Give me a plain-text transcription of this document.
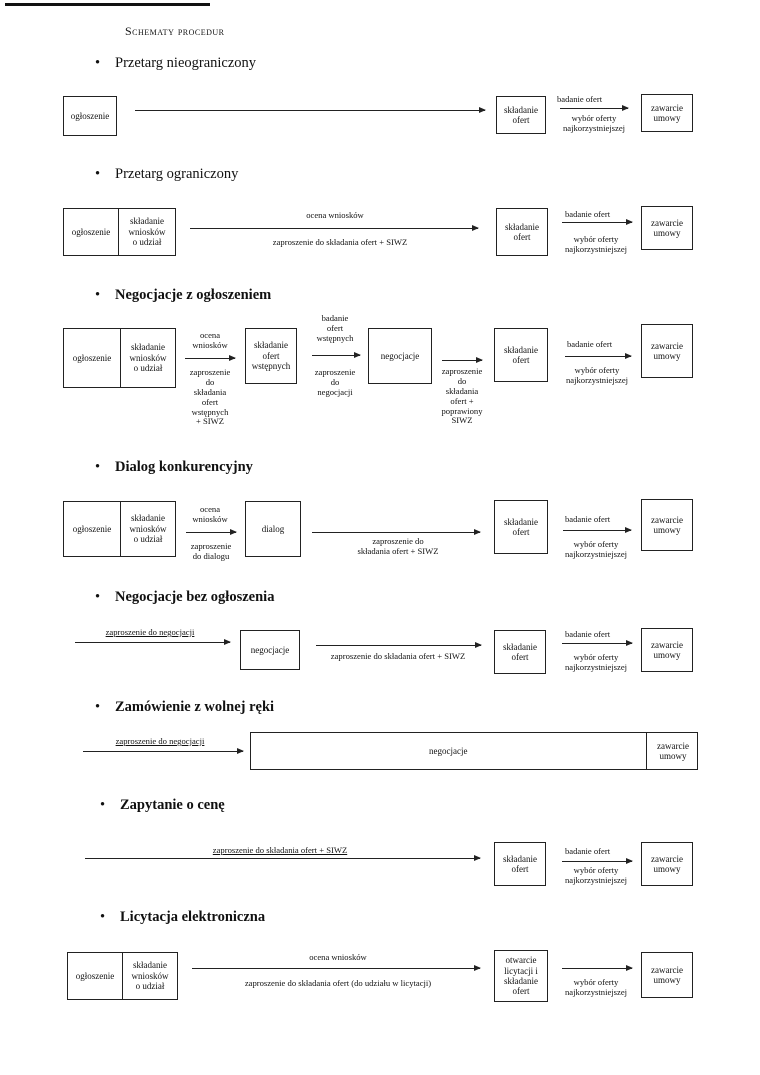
Schematy procedur
• Przetarg nieograniczony
ogłoszenie
składanie
ofert
badanie ofert
wybór oferty
najkorzystniejszej
zawarcie
umowy
• Przetarg ograniczony
ogłoszenie
składanie
wniosków
o udział
ocena wniosków
zaproszenie do składania ofert + SIWZ
składanie
ofert
badanie ofert
wybór oferty
najkorzystniejszej
zawarcie
umowy
• Negocjacje z ogłoszeniem
ogłoszenie
składanie
wniosków
o udział
ocena
wniosków
zaproszenie
do
składania
ofert
wstępnych
+ SIWZ
składanie
ofert
wstępnych
badanie
ofert
wstępnych
zaproszenie
do
negocjacji
negocjacje
zaproszenie
do
składania
ofert +
poprawiony
SIWZ
składanie
ofert
badanie ofert
wybór oferty
najkorzystniejszej
zawarcie
umowy
• Dialog konkurencyjny
ogłoszenie
składanie
wniosków
o udział
ocena
wniosków
zaproszenie
do dialogu
dialog
zaproszenie do
składania ofert + SIWZ
składanie
ofert
badanie ofert
wybór oferty
najkorzystniejszej
zawarcie
umowy
• Negocjacje bez ogłoszenia
zaproszenie do negocjacji
negocjacje
zaproszenie do składania ofert + SIWZ
składanie
ofert
badanie ofert
wybór oferty
najkorzystniejszej
zawarcie
umowy
• Zamówienie z wolnej ręki
zaproszenie do negocjacji
negocjacje
zawarcie
umowy
• Zapytanie o cenę
zaproszenie do składania ofert + SIWZ
składanie
ofert
badanie ofert
wybór oferty
najkorzystniejszej
zawarcie
umowy
• Licytacja elektroniczna
ogłoszenie
składanie
wniosków
o udział
ocena wniosków
zaproszenie do składania ofert (do udziału w licytacji)
otwarcie
licytacji i
składanie
ofert
wybór oferty
najkorzystniejszej
zawarcie
umowy
